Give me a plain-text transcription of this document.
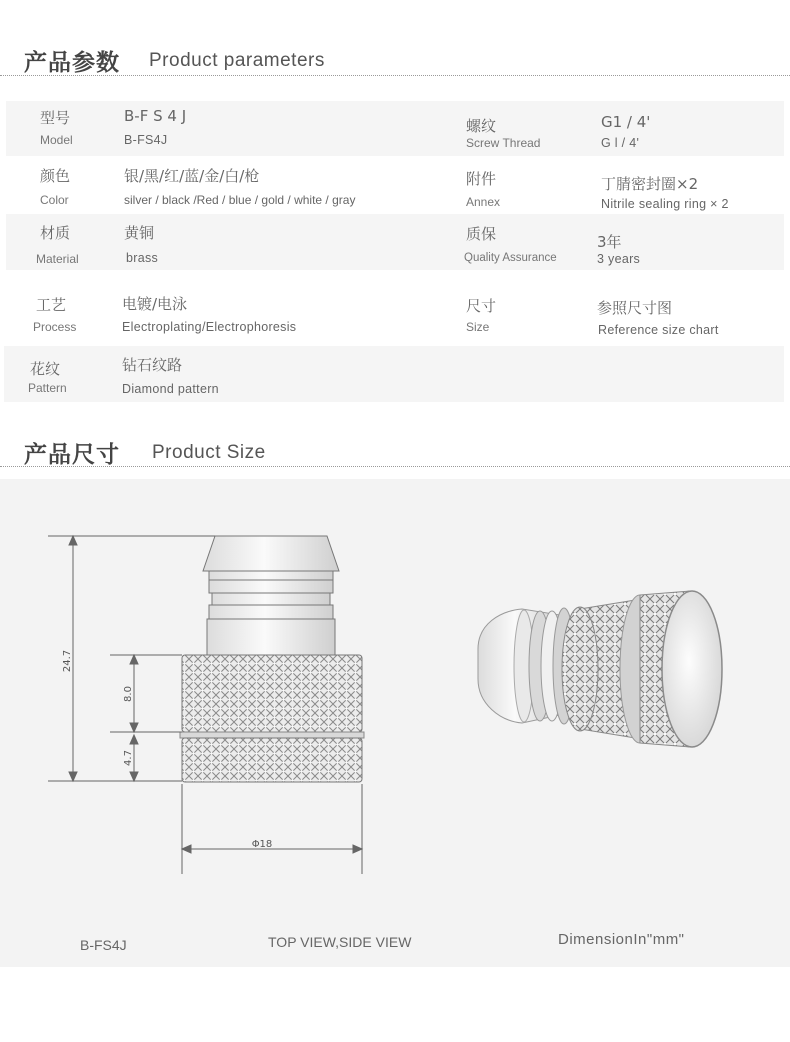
产品参数 Product parameters
型号
Model
B-F S 4 J
B-FS4J
螺纹
Screw Thread
G1 / 4'
G l / 4'
颜色
Color
银/黑/红/蓝/金/白/枪
silver / black /Red / blue / gold / white / gray
附件
Annex
丁腈密封圈×2
Nitrile sealing ring × 2
材质
Material
黄铜
brass
质保
Quality Assurance
3年
3 years
工艺
Process
电镀/电泳
Electroplating/Electrophoresis
尺寸
Size
参照尺寸图
Reference size chart
花纹
Pattern
钻石纹路
Diamond pattern
产品尺寸 Product Size
24.7
8.0
4.7
Φ18
B-FS4J	TOP VIEW,SIDE VIEW	DimensionIn"mm"
